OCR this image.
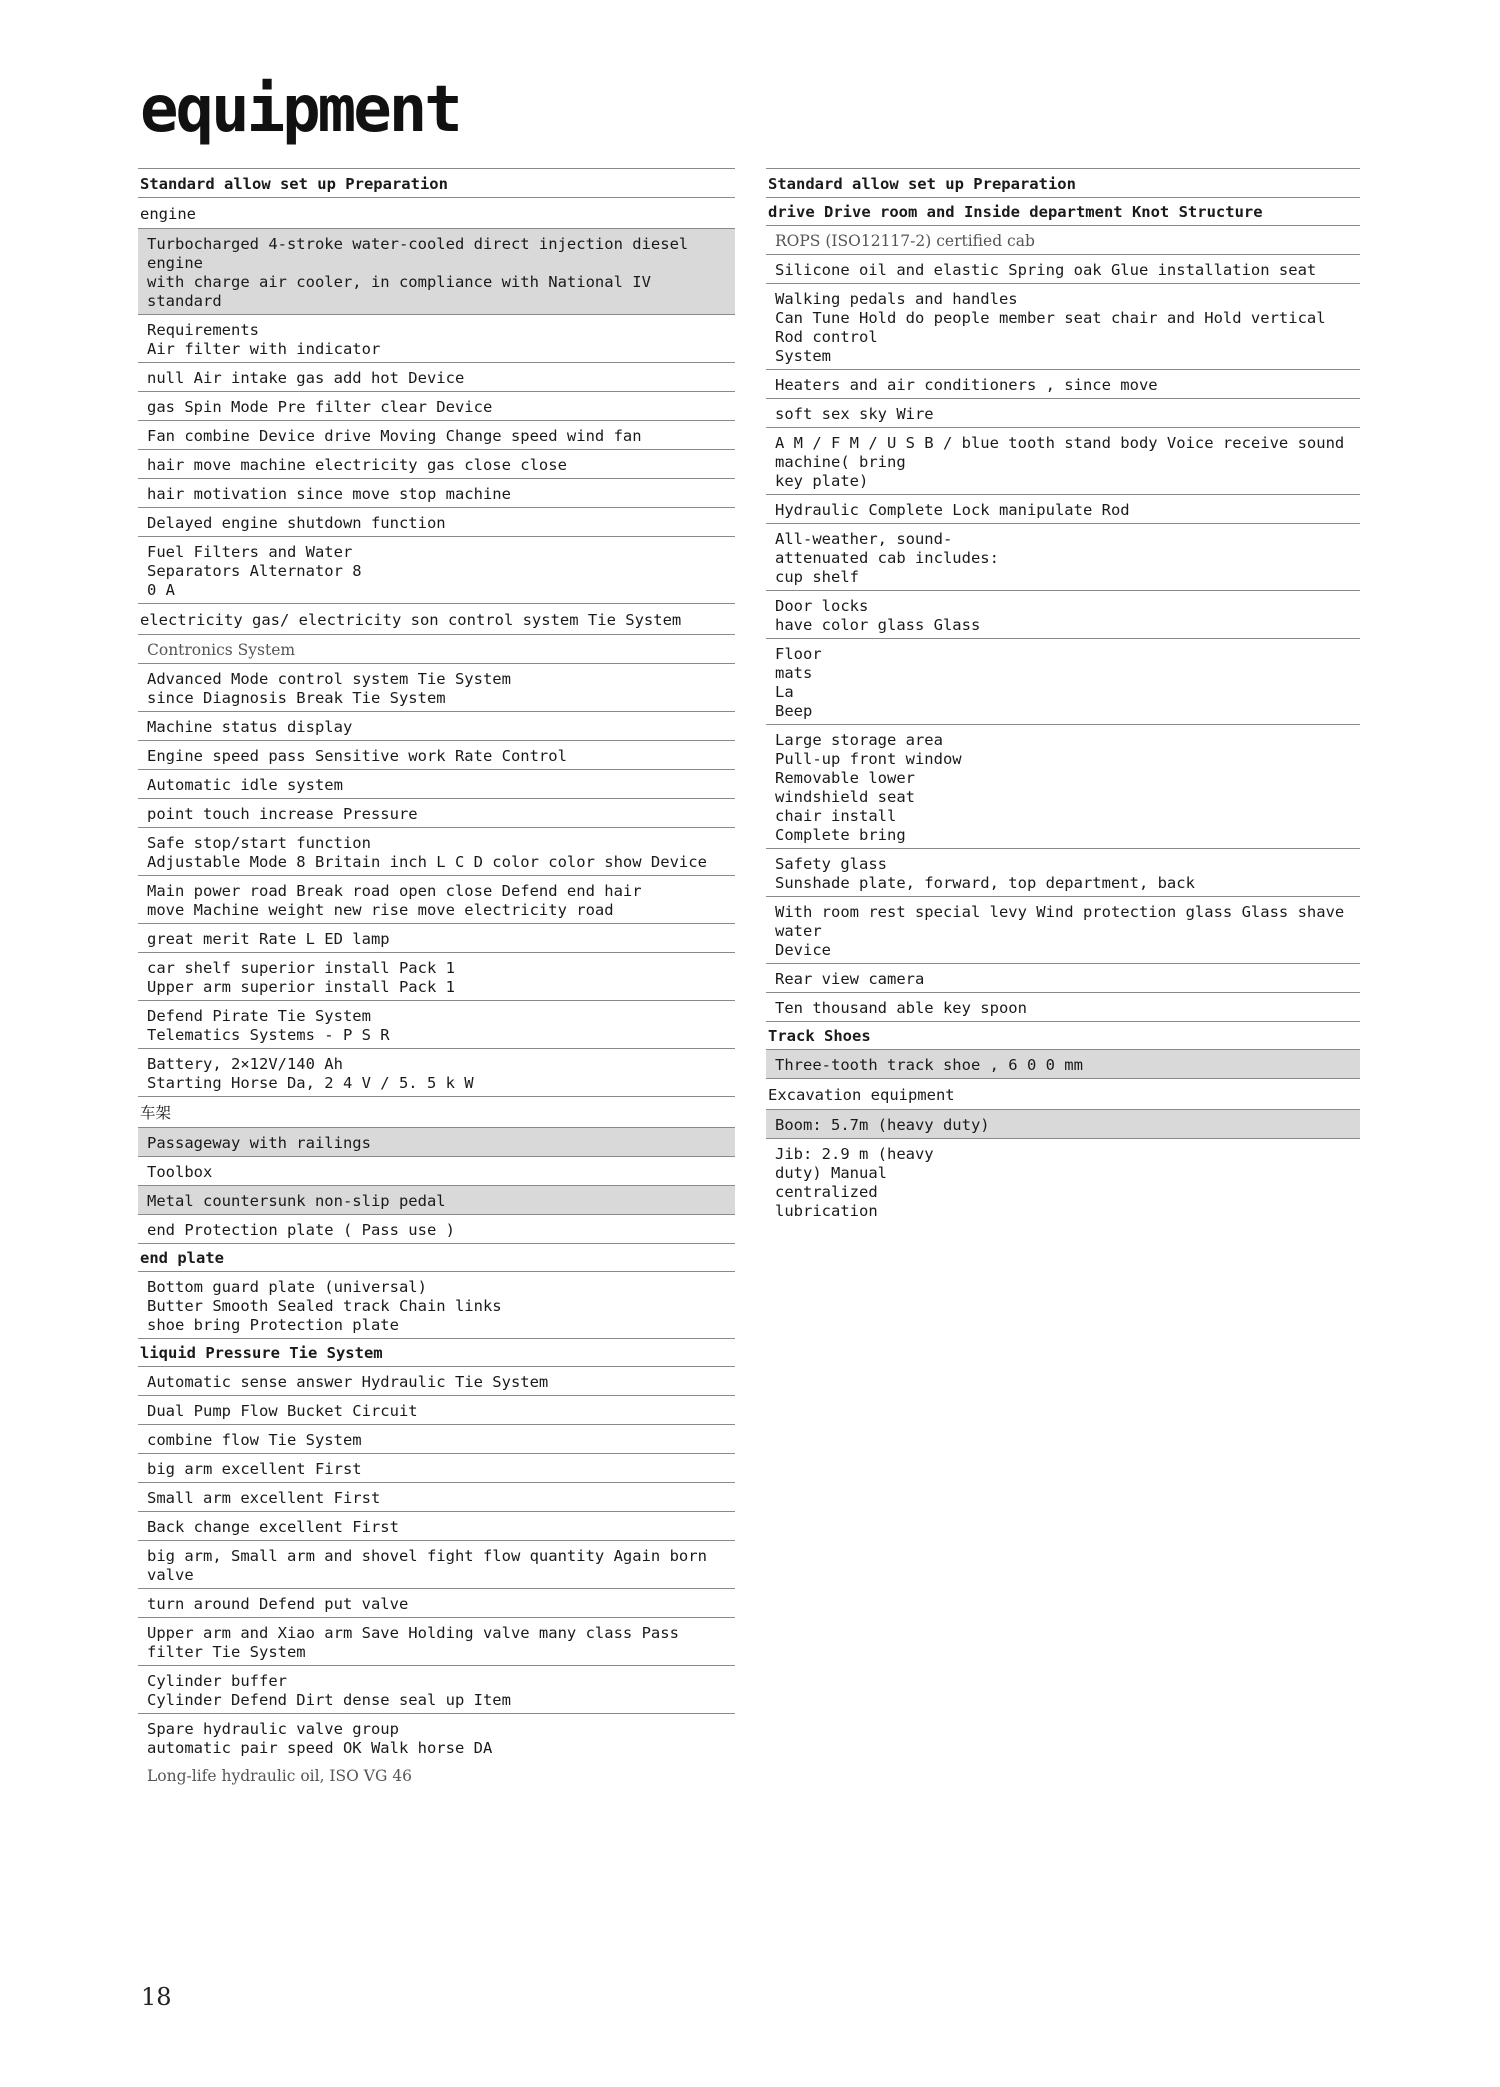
equipment
Standard allow set up Preparation
engine
Turbocharged 4-stroke water-cooled direct injection diesel engine
with charge air cooler, in compliance with National IV standard
Requirements
Air filter with indicator
null Air intake gas add hot Device
gas Spin Mode Pre filter clear Device
Fan combine Device drive Moving Change speed wind fan
hair move machine electricity gas close close
hair motivation since move stop machine
Delayed engine shutdown function
Fuel Filters and Water
Separators Alternator 8
0 A
electricity gas/ electricity son control system Tie System
Contronics System
Advanced Mode control system Tie System
since Diagnosis Break Tie System
Machine status display
Engine speed pass Sensitive work Rate Control
Automatic idle system
point touch increase Pressure
Safe stop/start function
Adjustable Mode 8 Britain inch L C D color color show Device
Main power road Break road open close Defend end hair
move Machine weight new rise move electricity road
great merit Rate L ED lamp
car shelf superior install Pack 1
Upper arm superior install Pack 1
Defend Pirate Tie System
Telematics Systems - P S R
Battery, 2×12V/140 Ah
Starting Horse Da, 2 4 V / 5. 5 k W
车架
Passageway with railings
Toolbox
Metal countersunk non-slip pedal
end Protection plate ( Pass use )
end plate
Bottom guard plate (universal)
Butter Smooth Sealed track Chain links
shoe bring Protection plate
liquid Pressure Tie System
Automatic sense answer Hydraulic Tie System
Dual Pump Flow Bucket Circuit
combine flow Tie System
big arm excellent First
Small arm excellent First
Back change excellent First
big arm, Small arm and shovel fight flow quantity Again born valve
turn around Defend put valve
Upper arm and Xiao arm Save Holding valve many class Pass
filter Tie System
Cylinder buffer
Cylinder Defend Dirt dense seal up Item
Spare hydraulic valve group
automatic pair speed OK Walk horse DA
Long-life hydraulic oil, ISO VG 46
Standard allow set up Preparation
drive Drive room and Inside department Knot Structure
ROPS (ISO12117-2) certified cab
Silicone oil and elastic Spring oak Glue installation seat
Walking pedals and handles
Can Tune Hold do people member seat chair and Hold vertical Rod control
System
Heaters and air conditioners , since move
soft sex sky Wire
A M / F M / U S B / blue tooth stand body Voice receive sound machine( bring
key plate)
Hydraulic Complete Lock manipulate Rod
All-weather, sound-
attenuated cab includes:
cup shelf
Door locks
have color glass Glass
Floor
mats
La
Beep
Large storage area
Pull-up front window
Removable lower
windshield seat
chair install
Complete bring
Safety glass
Sunshade plate, forward, top department, back
With room rest special levy Wind protection glass Glass shave water
Device
Rear view camera
Ten thousand able key spoon
Track Shoes
Three-tooth track shoe , 6 0 0 mm
Excavation equipment
Boom: 5.7m (heavy duty)
Jib: 2.9 m (heavy
duty) Manual
centralized
lubrication
18
